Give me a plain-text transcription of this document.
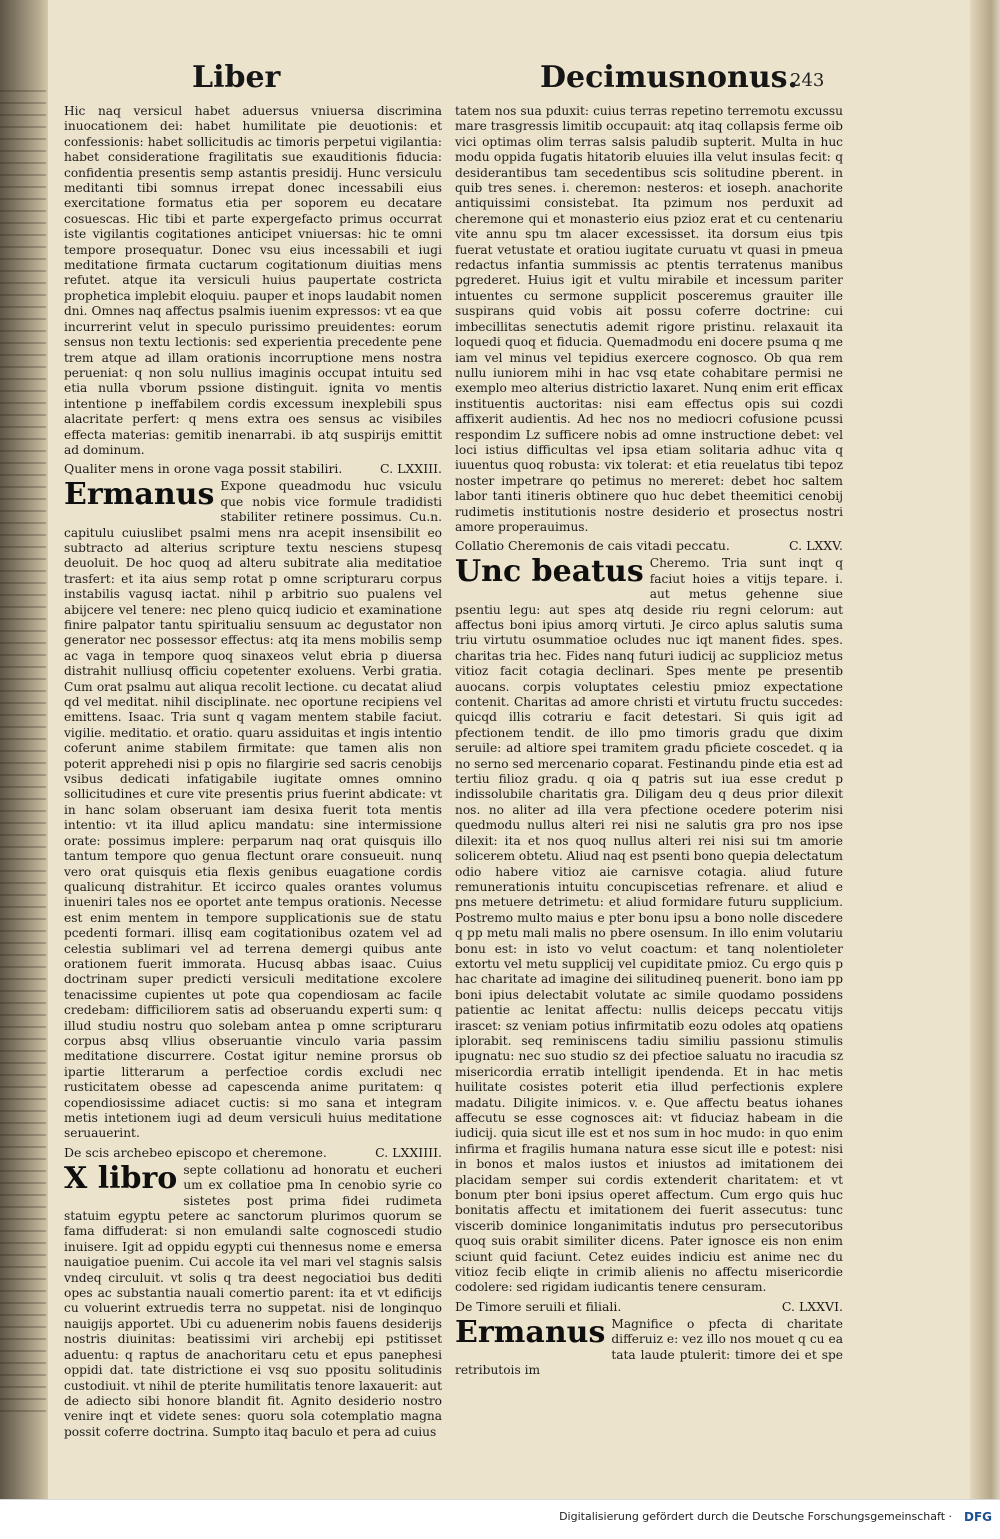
Liber	Decimusnonus.
243

Hic naq versicul habet aduersus vniuersa discrimina inuocationem dei: habet humilitate pie deuotionis: et confessionis: habet sollicitudis ac timoris perpetui vigilantia: habet consideratione fragilitatis sue exauditionis fiducia: confidentia presentis semp astantis presidij. Hunc versiculu meditanti tibi somnus irrepat donec incessabili eius exercitatione formatus etia per soporem eu decatare cosuescas. Hic tibi et parte expergefacto primus occurrat iste vigilantis cogitationes anticipet vniuersas: hic te omni tempore prosequatur. Donec vsu eius incessabili et iugi meditatione firmata cuctarum cogitationum diuitias mens refutet. atque ita versiculi huius paupertate costricta prophetica implebit eloquiu. pauper et inops laudabit nomen dni. Omnes naq affectus psalmis iuenim expressos: vt ea que incurrerint velut in speculo purissimo preuidentes: eorum sensus non textu lectionis: sed experientia precedente pene trem atque ad illam orationis incorruptione mens nostra perueniat: q non solu nullius imaginis occupat intuitu sed etia nulla vborum pssione distinguit. ignita vo mentis intentione p ineffabilem cordis excessum inexplebili spus alacritate perfert: q mens extra oes sensus ac visibiles effecta materias: gemitib inenarrabi. ib atq suspirijs emittit ad dominum.

C. LXXIII.
Qualiter mens in orone vaga possit stabiliri.
Ermanus Expone queadmodu huc vsiculu que nobis vice formule tradidisti stabiliter retinere possimus. Cu.n. capitulu cuiuslibet psalmi mens nra acepit insensibilit eo subtracto ad alterius scripture textu nesciens stupesq deuoluit. De hoc quoq ad alteru subitrate alia meditatioe trasfert: et ita aius semp rotat p omne scripturaru corpus instabilis vagusq iactat. nihil p arbitrio suo pualens vel abijcere vel tenere: nec pleno quicq iudicio et examinatione finire palpator tantu spiritualiu sensuum ac degustator non generator nec possessor effectus: atq ita mens mobilis semp ac vaga in tempore quoq sinaxeos velut ebria p diuersa distrahit nulliusq officiu copetenter exoluens. Verbi gratia. Cum orat psalmu aut aliqua recolit lectione. cu decatat aliud qd vel meditat. nihil disciplinate. nec oportune recipiens vel emittens. Isaac. Tria sunt q vagam mentem stabile faciut. vigilie. meditatio. et oratio. quaru assiduitas et ingis intentio coferunt anime stabilem firmitate: que tamen alis non poterit apprehedi nisi p opis no filargirie sed sacris cenobijs vsibus dedicati infatigabile iugitate omnes omnino sollicitudines et cure vite presentis prius fuerint abdicate: vt in hanc solam obseruant iam desixa fuerit tota mentis intentio: vt ita illud aplicu mandatu: sine intermissione orate: possimus implere: perparum naq orat quisquis illo tantum tempore quo genua flectunt orare consueuit. nunq vero orat quisquis etia flexis genibus euagatione cordis qualicunq distrahitur. Et iccirco quales orantes volumus inueniri tales nos ee oportet ante tempus orationis. Necesse est enim mentem in tempore supplicationis sue de statu pcedenti formari. illisq eam cogitationibus ozatem vel ad celestia sublimari vel ad terrena demergi quibus ante orationem fuerit immorata. Hucusq abbas isaac. Cuius doctrinam super predicti versiculi meditatione excolere tenacissime cupientes ut pote qua copendiosam ac facile credebam: difficiliorem satis ad obseruandu experti sum: q illud studiu nostru quo solebam antea p omne scripturaru corpus absq vllius obseruantie vinculo varia passim meditatione discurrere. Costat igitur nemine prorsus ob ipartie litterarum a perfectioe cordis excludi nec rusticitatem obesse ad capescenda anime puritatem: q copendiosissime adiacet cuctis: si mo sana et integram metis intetionem iugi ad deum versiculi huius meditatione seruauerint.
C. LXXIIII.
De scis archebeo episcopo et cheremone.
X libro septe collationu ad honoratu et eucheri um ex collatioe pma In cenobio syrie co sistetes post prima fidei rudimeta statuim egyptu petere ac sanctorum plurimos quorum se fama diffuderat: si non emulandi salte cognoscedi studio inuisere. Igit ad oppidu egypti cui thennesus nome e emersa nauigatioe puenim. Cui accole ita vel mari vel stagnis salsis vndeq circuluit. vt solis q tra deest negociatioi bus dediti opes ac substantia nauali comertio parent: ita et vt edificijs cu voluerint extruedis terra no suppetat. nisi de longinquo nauigijs apportet. Ubi cu aduenerim nobis fauens desiderijs nostris diuinitas: beatissimi viri archebij epi pstitisset aduentu: q raptus de anachoritaru cetu et epus panephesi oppidi dat. tate districtione ei vsq suo ppositu solitudinis custodiuit. vt nihil de pterite humilitatis tenore laxauerit: aut de adiecto sibi honore blandit fit. Agnito desiderio nostro venire inqt et videte senes: quoru sola cotemplatio magna possit coferre doctrina. Sumpto itaq baculo et pera ad cuius

tatem nos sua pduxit: cuius terras repetino terremotu excussu mare trasgressis limitib occupauit: atq itaq collapsis ferme oib vici optimas olim terras salsis paludib supterit. Multa in huc modu oppida fugatis hitatorib eluuies illa velut insulas fecit: q desiderantibus tam secedentibus scis solitudine pberent. in quib tres senes. i. cheremon: nesteros: et ioseph. anachorite antiquissimi consistebat. Ita pzimum nos perduxit ad cheremone qui et monasterio eius pzioz erat et cu centenariu vite annu spu tm alacer excessisset. ita dorsum eius tpis fuerat vetustate et oratiou iugitate curuatu vt quasi in pmeua redactus infantia summissis ac ptentis terratenus manibus pgrederet. Huius igit et vultu mirabile et incessum pariter intuentes cu sermone supplicit posceremus grauiter ille suspirans quid vobis ait possu coferre doctrine: cui imbecillitas senectutis ademit rigore pristinu. relaxauit ita loquedi quoq et fiducia. Quemadmodu eni docere psuma q me iam vel minus vel tepidius exercere cognosco. Ob qua rem nullu iuniorem mihi in hac vsq etate cohabitare permisi ne exemplo meo alterius districtio laxaret. Nunq enim erit efficax instituentis auctoritas: nisi eam effectus opis sui cozdi affixerit audientis. Ad hec nos no mediocri cofusione pcussi respondim Lz sufficere nobis ad omne instructione debet: vel loci istius difficultas vel ipsa etiam solitaria adhuc vita q iuuentus quoq robusta: vix tolerat: et etia reuelatus tibi tepoz noster impetrare qo petimus no mereret: debet hoc saltem labor tanti itineris obtinere quo huc debet theemitici cenobij rudimetis institutionis nostre desiderio et prosectus nostri amore properauimus.

C. LXXV.
Collatio Cheremonis de cais vitadi peccatu.
Unc beatus Cheremo. Tria sunt inqt q faciut hoies a vitijs tepare. i. aut metus gehenne siue psentiu legu: aut spes atq deside riu regni celorum: aut affectus boni ipius amorq virtuti. Je circo aplus salutis suma triu virtutu osummatioe ocludes nuc iqt manent fides. spes. charitas tria hec. Fides nanq futuri iudicij ac supplicioz metus vitioz facit cotagia declinari. Spes mente pe presentib auocans. corpis voluptates celestiu pmioz expectatione contenit. Charitas ad amore christi et virtutu fructu succedes: quicqd illis cotrariu e facit detestari. Si quis igit ad pfectionem tendit. de illo pmo timoris gradu que dixim seruile: ad altiore spei tramitem gradu pficiete coscedet. q ia no serno sed mercenario coparat. Festinandu pinde etia est ad tertiu filioz gradu. q oia q patris sut iua esse credut p indissolubile charitatis gra. Diligam deu q deus prior dilexit nos. no aliter ad illa vera pfectione ocedere poterim nisi quedmodu nullus alteri rei nisi ne salutis gra pro nos ipse dilexit: ita et nos quoq nullus alteri rei nisi sui tm amorie solicerem obtetu. Aliud naq est psenti bono quepia delectatum odio habere vitioz aie carnisve cotagia. aliud future remunerationis intuitu concupiscetias refrenare. et aliud e pns metuere detrimetu: et aliud formidare futuru supplicium. Postremo multo maius e pter bonu ipsu a bono nolle discedere q pp metu mali malis no pbere osensum. In illo enim volutariu bonu est: in isto vo velut coactum: et tanq nolentioleter extortu vel metu supplicij vel cupiditate pmioz. Cu ergo quis p hac charitate ad imagine dei silitudineq puenerit. bono iam pp boni ipius delectabit volutate ac simile quodamo possidens patientie ac lenitat affectu: nullis deiceps peccatu vitijs irascet: sz veniam potius infirmitatib eozu odoles atq opatiens iplorabit. seq reminiscens tadiu similiu passionu stimulis ipugnatu: nec suo studio sz dei pfectioe saluatu no iracudia sz misericordia erratib intelligit ipendenda. Et in hac metis huilitate cosistes poterit etia illud perfectionis explere madatu. Diligite inimicos. v. e. Que affectu beatus iohanes affecutu se esse cognosces ait: vt fiduciaz habeam in die iudicij. quia sicut ille est et nos sum in hoc mudo: in quo enim infirma et fragilis humana natura esse sicut ille e potest: nisi in bonos et malos iustos et iniustos ad imitationem dei placidam semper sui cordis extenderit charitatem: et vt bonum pter boni ipsius operet affectum. Cum ergo quis huc bonitatis affectu et imitationem dei fuerit assecutus: tunc viscerib dominice longanimitatis indutus pro persecutoribus quoq suis orabit similiter dicens. Pater ignosce eis non enim sciunt quid faciunt. Cetez euides indiciu est anime nec du vitioz fecib eliqte in crimib alienis no affectu misericordie codolere: sed rigidam iudicantis tenere censuram.
C. LXXVI.
De Timore seruili et filiali.
Ermanus Magnifice o pfecta di charitate differuiz e: vez illo nos mouet q cu ea tata laude ptulerit: timore dei et spe retributois im
Digitalisierung gefördert durch die Deutsche Forschungsgemeinschaft · DFG
